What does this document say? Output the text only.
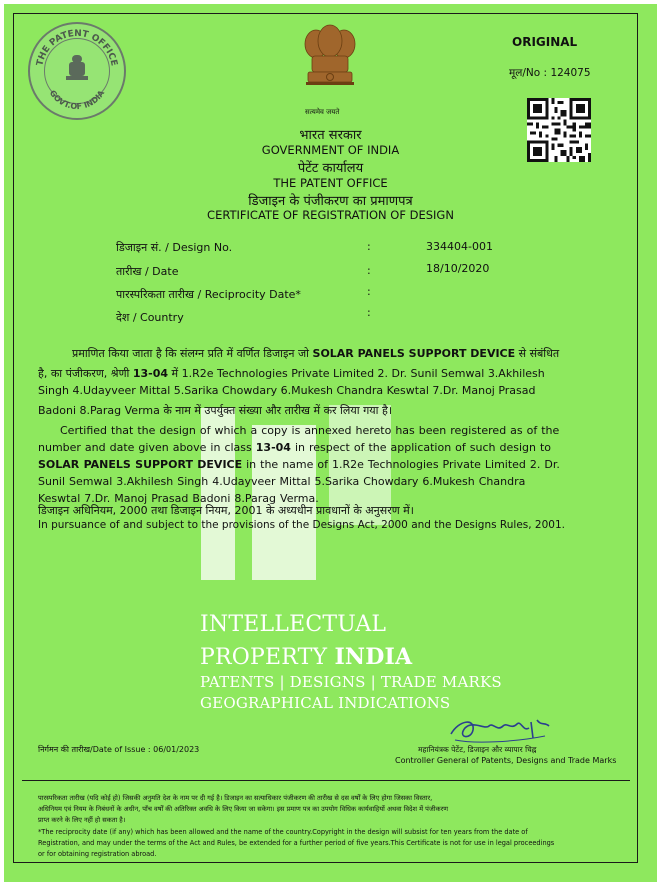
THE PATENT OFFICE
GOVT.OF INDIA
सत्यमेव जयते
ORIGINAL
मूल/No : 124075
भारत सरकार
GOVERNMENT OF INDIA
पेटेंट कार्यालय
THE PATENT OFFICE
डिजाइन के पंजीकरण का प्रमाणपत्र
CERTIFICATE OF REGISTRATION OF DESIGN
डिजाइन सं. / Design No.	:	334404-001
तारीख / Date	:	18/10/2020
पारस्परिकता तारीख / Reciprocity Date*	:
देश / Country	:
प्रमाणित किया जाता है कि संलग्न प्रति में वर्णित डिजाइन जो SOLAR PANELS SUPPORT DEVICE से संबंधित
है, का पंजीकरण, श्रेणी 13-04 में 1.R2e Technologies Private Limited 2. Dr. Sunil Semwal 3.Akhilesh
Singh 4.Udayveer Mittal 5.Sarika Chowdary 6.Mukesh Chandra Keswtal 7.Dr. Manoj Prasad
Badoni 8.Parag Verma के नाम में उपर्युक्त संख्या और तारीख में कर लिया गया है।
Certified that the design of which a copy is annexed hereto has been registered as of the
number and date given above in class 13-04 in respect of the application of such design to
SOLAR PANELS SUPPORT DEVICE in the name of 1.R2e Technologies Private Limited 2. Dr.
Sunil Semwal 3.Akhilesh Singh 4.Udayveer Mittal 5.Sarika Chowdary 6.Mukesh Chandra
Keswtal 7.Dr. Manoj Prasad Badoni 8.Parag Verma.
डिजाइन अधिनियम, 2000 तथा डिजाइन नियम, 2001 के अध्यधीन प्रावधानों के अनुसरण में।
In pursuance of and subject to the provisions of the Designs Act, 2000 and the Designs Rules, 2001.
INTELLECTUAL
PROPERTY INDIA
PATENTS | DESIGNS | TRADE MARKS
GEOGRAPHICAL INDICATIONS
निर्गमन की तारीख/Date of Issue : 06/01/2023	महानियंत्रक पेटेंट, डिजाइन और व्यापार चिह्न
Controller General of Patents, Designs and Trade Marks
पारस्परिकता तारीख (यदि कोई हो) जिसकी अनुमति देश के नाम पर दी गई है। डिजाइन का सत्याधिकार पंजीकरण की तारीख से दस वर्षों के लिए होगा जिसका विस्तार,
अधिनियम एवं नियम के निबंधनों के अधीन, पाँच वर्षों की अतिरिक्त अवधि के लिए किया जा सकेगा। इस प्रमाण पत्र का उपयोग विधिक कार्यवाहियों अथवा विदेश में पंजीकरण
प्राप्त करने के लिए नहीं हो सकता है।
*The reciprocity date (if any) which has been allowed and the name of the country.Copyright in the design will subsist for ten years from the date of
Registration, and may under the terms of the Act and Rules, be extended for a further period of five years.This Certificate is not for use in legal proceedings
or for obtaining registration abroad.
